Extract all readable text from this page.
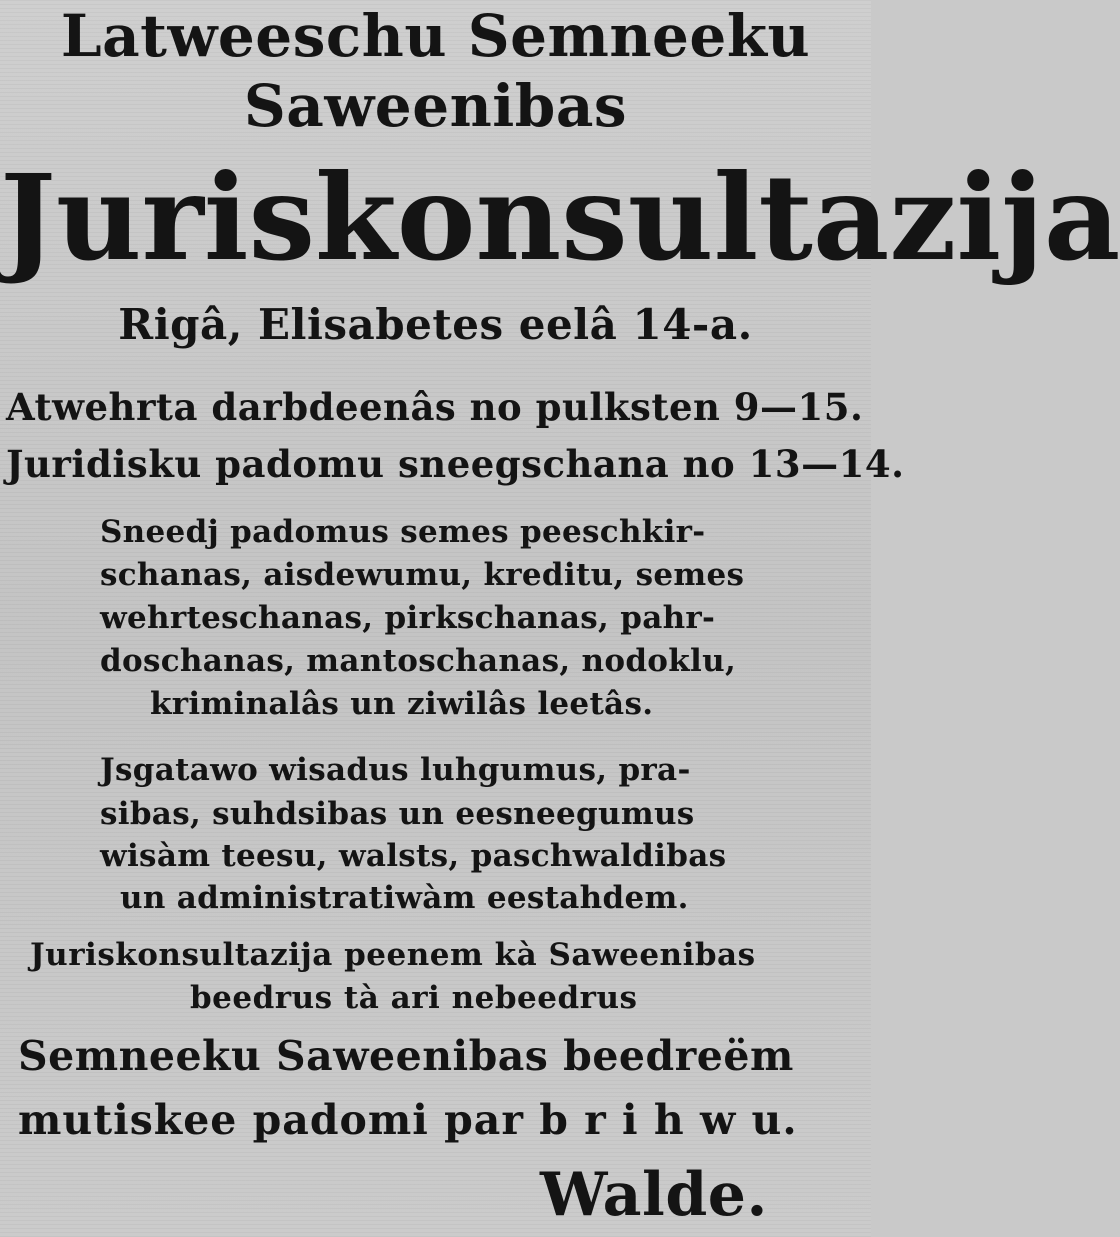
Latweeschu Semneeku
Saweenibas
Juriskonsultazija
Rigâ, Elisabetes eelâ 14-a.
Atwehrta darbdeenâs no pulksten 9—15.
Juridisku padomu sneegschana no 13—14.
Sneedj padomus semes peeschkir-
schanas, aisdewumu, kreditu, semes
wehrteschanas, pirkschanas, pahr-
doschanas, mantoschanas, nodoklu,
kriminalâs un ziwilâs leetâs.
Jsgatawo wisadus luhgumus, pra-
sibas, suhdsibas un eesneegumus
wisàm teesu, walsts, paschwaldibas
un administratiwàm eestahdem.
Juriskonsultazija peenem kà Saweenibas
beedrus tà ari nebeedrus
Semneeku Saweenibas beedreëm
mutiskee padomi par b r i h w u.
Walde.
